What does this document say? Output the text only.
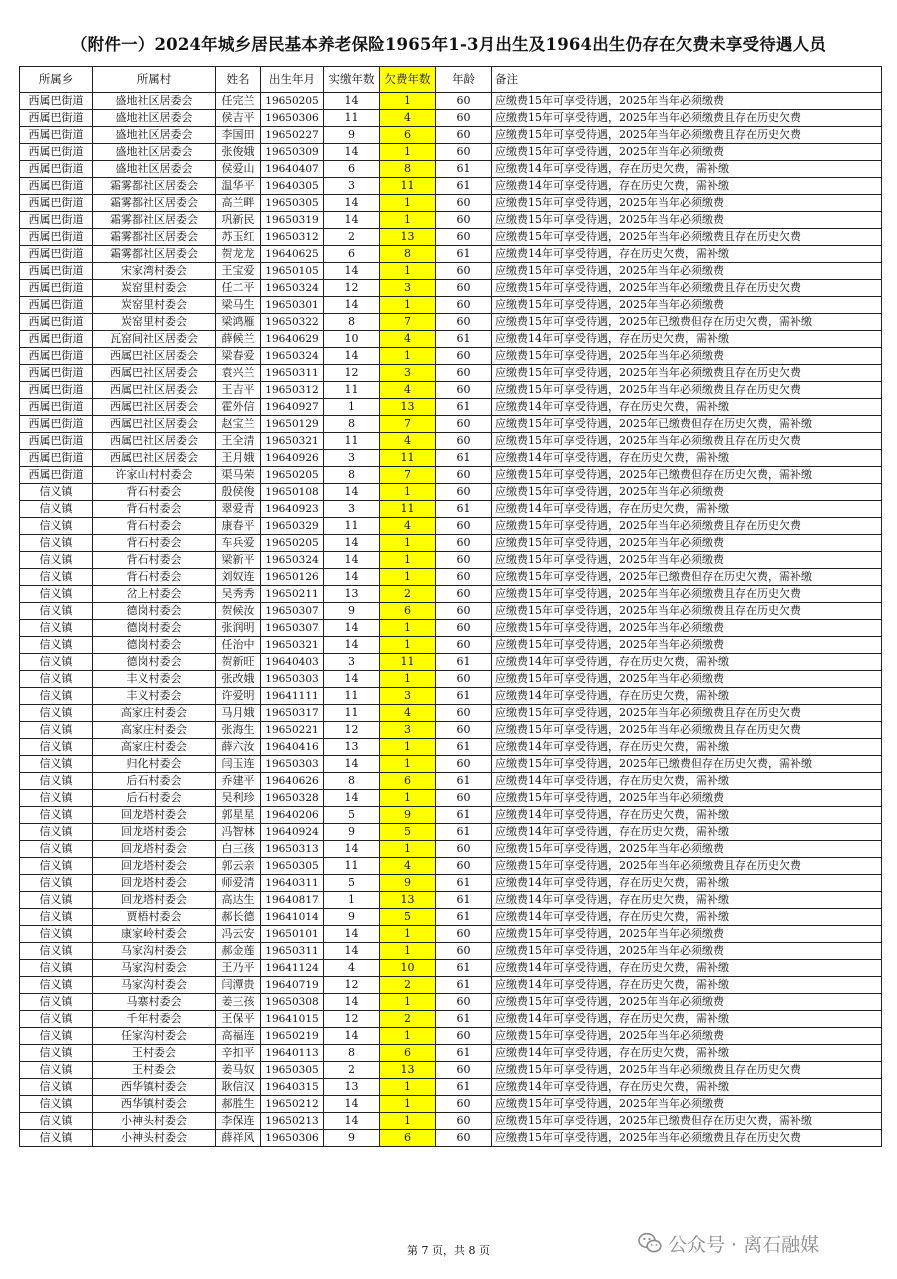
（附件一）2024年城乡居民基本养老保险1965年1-3月出生及1964出生仍存在欠费未享受待遇人员
所属乡	所属村	姓名	出生年月	实缴年数	欠费年数	年龄	备注
西属巴街道	盛地社区居委会	任完兰	19650205	14	1	60	应缴费15年可享受待遇，2025年当年必须缴费
西属巴街道	盛地社区居委会	侯吉平	19650306	11	4	60	应缴费15年可享受待遇，2025年当年必须缴费且存在历史欠费
西属巴街道	盛地社区居委会	李国田	19650227	9	6	60	应缴费15年可享受待遇，2025年当年必须缴费且存在历史欠费
西属巴街道	盛地社区居委会	张俊娥	19650309	14	1	60	应缴费15年可享受待遇，2025年当年必须缴费
西属巴街道	盛地社区居委会	侯爱山	19640407	6	8	61	应缴费14年可享受待遇，存在历史欠费，需补缴
西属巴街道	霜雾都社区居委会	温华平	19640305	3	11	61	应缴费14年可享受待遇，存在历史欠费，需补缴
西属巴街道	霜雾都社区居委会	高兰畔	19650305	14	1	60	应缴费15年可享受待遇，2025年当年必须缴费
西属巴街道	霜雾都社区居委会	巩新民	19650319	14	1	60	应缴费15年可享受待遇，2025年当年必须缴费
西属巴街道	霜雾都社区居委会	苏玉红	19650312	2	13	60	应缴费15年可享受待遇，2025年当年必须缴费且存在历史欠费
西属巴街道	霜雾都社区居委会	贺龙龙	19640625	6	8	61	应缴费14年可享受待遇，存在历史欠费，需补缴
西属巴街道	宋家湾村委会	王宝爱	19650105	14	1	60	应缴费15年可享受待遇，2025年当年必须缴费
西属巴街道	炭窑里村委会	任二平	19650324	12	3	60	应缴费15年可享受待遇，2025年当年必须缴费且存在历史欠费
西属巴街道	炭窑里村委会	梁马生	19650301	14	1	60	应缴费15年可享受待遇，2025年当年必须缴费
西属巴街道	炭窑里村委会	梁鸿雁	19650322	8	7	60	应缴费15年可享受待遇，2025年已缴费但存在历史欠费，需补缴
西属巴街道	瓦窑间社区居委会	薛候兰	19640629	10	4	61	应缴费14年可享受待遇，存在历史欠费，需补缴
西属巴街道	西属巴社区居委会	梁春爱	19650324	14	1	60	应缴费15年可享受待遇，2025年当年必须缴费
西属巴街道	西属巴社区居委会	袁兴兰	19650311	12	3	60	应缴费15年可享受待遇，2025年当年必须缴费且存在历史欠费
西属巴街道	西属巴社区居委会	王吉平	19650312	11	4	60	应缴费15年可享受待遇，2025年当年必须缴费且存在历史欠费
西属巴街道	西属巴社区居委会	霍外信	19640927	1	13	61	应缴费14年可享受待遇，存在历史欠费，需补缴
西属巴街道	西属巴社区居委会	赵宝兰	19650129	8	7	60	应缴费15年可享受待遇，2025年已缴费但存在历史欠费，需补缴
西属巴街道	西属巴社区居委会	王全清	19650321	11	4	60	应缴费15年可享受待遇，2025年当年必须缴费且存在历史欠费
西属巴街道	西属巴社区居委会	王月娥	19640926	3	11	61	应缴费14年可享受待遇，存在历史欠费，需补缴
西属巴街道	许家山村村委会	渠马荣	19650205	8	7	60	应缴费15年可享受待遇，2025年已缴费但存在历史欠费，需补缴
信义镇	背石村委会	殷侯俊	19650108	14	1	60	应缴费15年可享受待遇，2025年当年必须缴费
信义镇	背石村委会	翠爱青	19640923	3	11	61	应缴费14年可享受待遇，存在历史欠费，需补缴
信义镇	背石村委会	康春平	19650329	11	4	60	应缴费15年可享受待遇，2025年当年必须缴费且存在历史欠费
信义镇	背石村委会	车兵爱	19650205	14	1	60	应缴费15年可享受待遇，2025年当年必须缴费
信义镇	背石村委会	梁新平	19650324	14	1	60	应缴费15年可享受待遇，2025年当年必须缴费
信义镇	背石村委会	刘奴连	19650126	14	1	60	应缴费15年可享受待遇，2025年已缴费但存在历史欠费，需补缴
信义镇	岔上村委会	吴秀秀	19650211	13	2	60	应缴费15年可享受待遇，2025年当年必须缴费且存在历史欠费
信义镇	德岗村委会	贺候汝	19650307	9	6	60	应缴费15年可享受待遇，2025年当年必须缴费且存在历史欠费
信义镇	德岗村委会	张润明	19650307	14	1	60	应缴费15年可享受待遇，2025年当年必须缴费
信义镇	德岗村委会	任治中	19650321	14	1	60	应缴费15年可享受待遇，2025年当年必须缴费
信义镇	德岗村委会	贺新旺	19640403	3	11	61	应缴费14年可享受待遇，存在历史欠费，需补缴
信义镇	丰义村委会	张改娥	19650303	14	1	60	应缴费15年可享受待遇，2025年当年必须缴费
信义镇	丰义村委会	许爱明	19641111	11	3	61	应缴费14年可享受待遇，存在历史欠费，需补缴
信义镇	高家庄村委会	马月娥	19650317	11	4	60	应缴费15年可享受待遇，2025年当年必须缴费且存在历史欠费
信义镇	高家庄村委会	张海生	19650221	12	3	60	应缴费15年可享受待遇，2025年当年必须缴费且存在历史欠费
信义镇	高家庄村委会	薛六汝	19640416	13	1	61	应缴费14年可享受待遇，存在历史欠费，需补缴
信义镇	归化村委会	闫玉连	19650303	14	1	60	应缴费15年可享受待遇，2025年已缴费但存在历史欠费，需补缴
信义镇	后石村委会	乔建平	19640626	8	6	61	应缴费14年可享受待遇，存在历史欠费，需补缴
信义镇	后石村委会	吴利珍	19650328	14	1	60	应缴费15年可享受待遇，2025年当年必须缴费
信义镇	回龙塔村委会	郭星星	19640206	5	9	61	应缴费14年可享受待遇，存在历史欠费，需补缴
信义镇	回龙塔村委会	冯智林	19640924	9	5	61	应缴费14年可享受待遇，存在历史欠费，需补缴
信义镇	回龙塔村委会	白三孩	19650313	14	1	60	应缴费15年可享受待遇，2025年当年必须缴费
信义镇	回龙塔村委会	郭云亲	19650305	11	4	60	应缴费15年可享受待遇，2025年当年必须缴费且存在历史欠费
信义镇	回龙塔村委会	师爱清	19640311	5	9	61	应缴费14年可享受待遇，存在历史欠费，需补缴
信义镇	回龙塔村委会	高达生	19640817	1	13	61	应缴费14年可享受待遇，存在历史欠费，需补缴
信义镇	贾梧村委会	郝长德	19641014	9	5	61	应缴费14年可享受待遇，存在历史欠费，需补缴
信义镇	康家岭村委会	冯云安	19650101	14	1	60	应缴费15年可享受待遇，2025年当年必须缴费
信义镇	马家沟村委会	郝金莲	19650311	14	1	60	应缴费15年可享受待遇，2025年当年必须缴费
信义镇	马家沟村委会	王乃平	19641124	4	10	61	应缴费14年可享受待遇，存在历史欠费，需补缴
信义镇	马家沟村委会	闫潭贵	19640719	12	2	61	应缴费14年可享受待遇，存在历史欠费，需补缴
信义镇	马寨村委会	姜三孩	19650308	14	1	60	应缴费15年可享受待遇，2025年当年必须缴费
信义镇	千年村委会	王保平	19641015	12	2	61	应缴费14年可享受待遇，存在历史欠费，需补缴
信义镇	任家沟村委会	高福连	19650219	14	1	60	应缴费15年可享受待遇，2025年当年必须缴费
信义镇	王村委会	辛扣平	19640113	8	6	61	应缴费14年可享受待遇，存在历史欠费，需补缴
信义镇	王村委会	姜马奴	19650305	2	13	60	应缴费15年可享受待遇，2025年当年必须缴费且存在历史欠费
信义镇	西华镇村委会	耿信汉	19640315	13	1	61	应缴费14年可享受待遇，存在历史欠费，需补缴
信义镇	西华镇村委会	郝胜生	19650212	14	1	60	应缴费15年可享受待遇，2025年当年必须缴费
信义镇	小神头村委会	李保连	19650213	14	1	60	应缴费15年可享受待遇，2025年已缴费但存在历史欠费，需补缴
信义镇	小神头村委会	薛祥风	19650306	9	6	60	应缴费15年可享受待遇，2025年当年必须缴费且存在历史欠费
第 7 页，共 8 页	公众号 · 离石融媒
